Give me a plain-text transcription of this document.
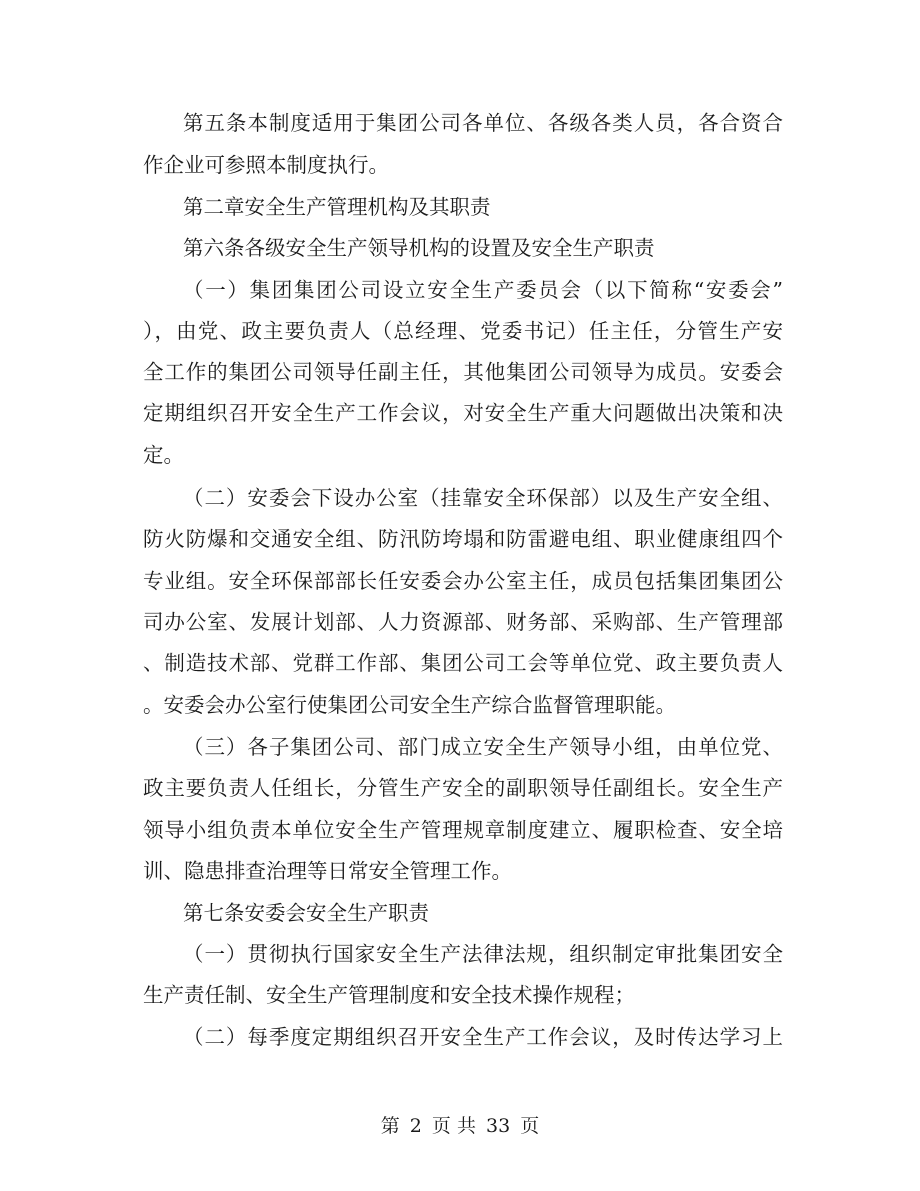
第五条本制度适用于集团公司各单位、各级各类人员，各合资合
作企业可参照本制度执行。
第二章安全生产管理机构及其职责
第六条各级安全生产领导机构的设置及安全生产职责
（一）集团集团公司设立安全生产委员会（以下简称“安委会”
），由党、政主要负责人（总经理、党委书记）任主任，分管生产安
全工作的集团公司领导任副主任，其他集团公司领导为成员。安委会
定期组织召开安全生产工作会议，对安全生产重大问题做出决策和决
定。
（二）安委会下设办公室（挂靠安全环保部）以及生产安全组、
防火防爆和交通安全组、防汛防垮塌和防雷避电组、职业健康组四个
专业组。安全环保部部长任安委会办公室主任，成员包括集团集团公
司办公室、发展计划部、人力资源部、财务部、采购部、生产管理部
、制造技术部、党群工作部、集团公司工会等单位党、政主要负责人
。安委会办公室行使集团公司安全生产综合监督管理职能。
（三）各子集团公司、部门成立安全生产领导小组，由单位党、
政主要负责人任组长，分管生产安全的副职领导任副组长。安全生产
领导小组负责本单位安全生产管理规章制度建立、履职检查、安全培
训、隐患排查治理等日常安全管理工作。
第七条安委会安全生产职责
（一）贯彻执行国家安全生产法律法规，组织制定审批集团安全
生产责任制、安全生产管理制度和安全技术操作规程；
（二）每季度定期组织召开安全生产工作会议，及时传达学习上
第 2 页 共 33 页
